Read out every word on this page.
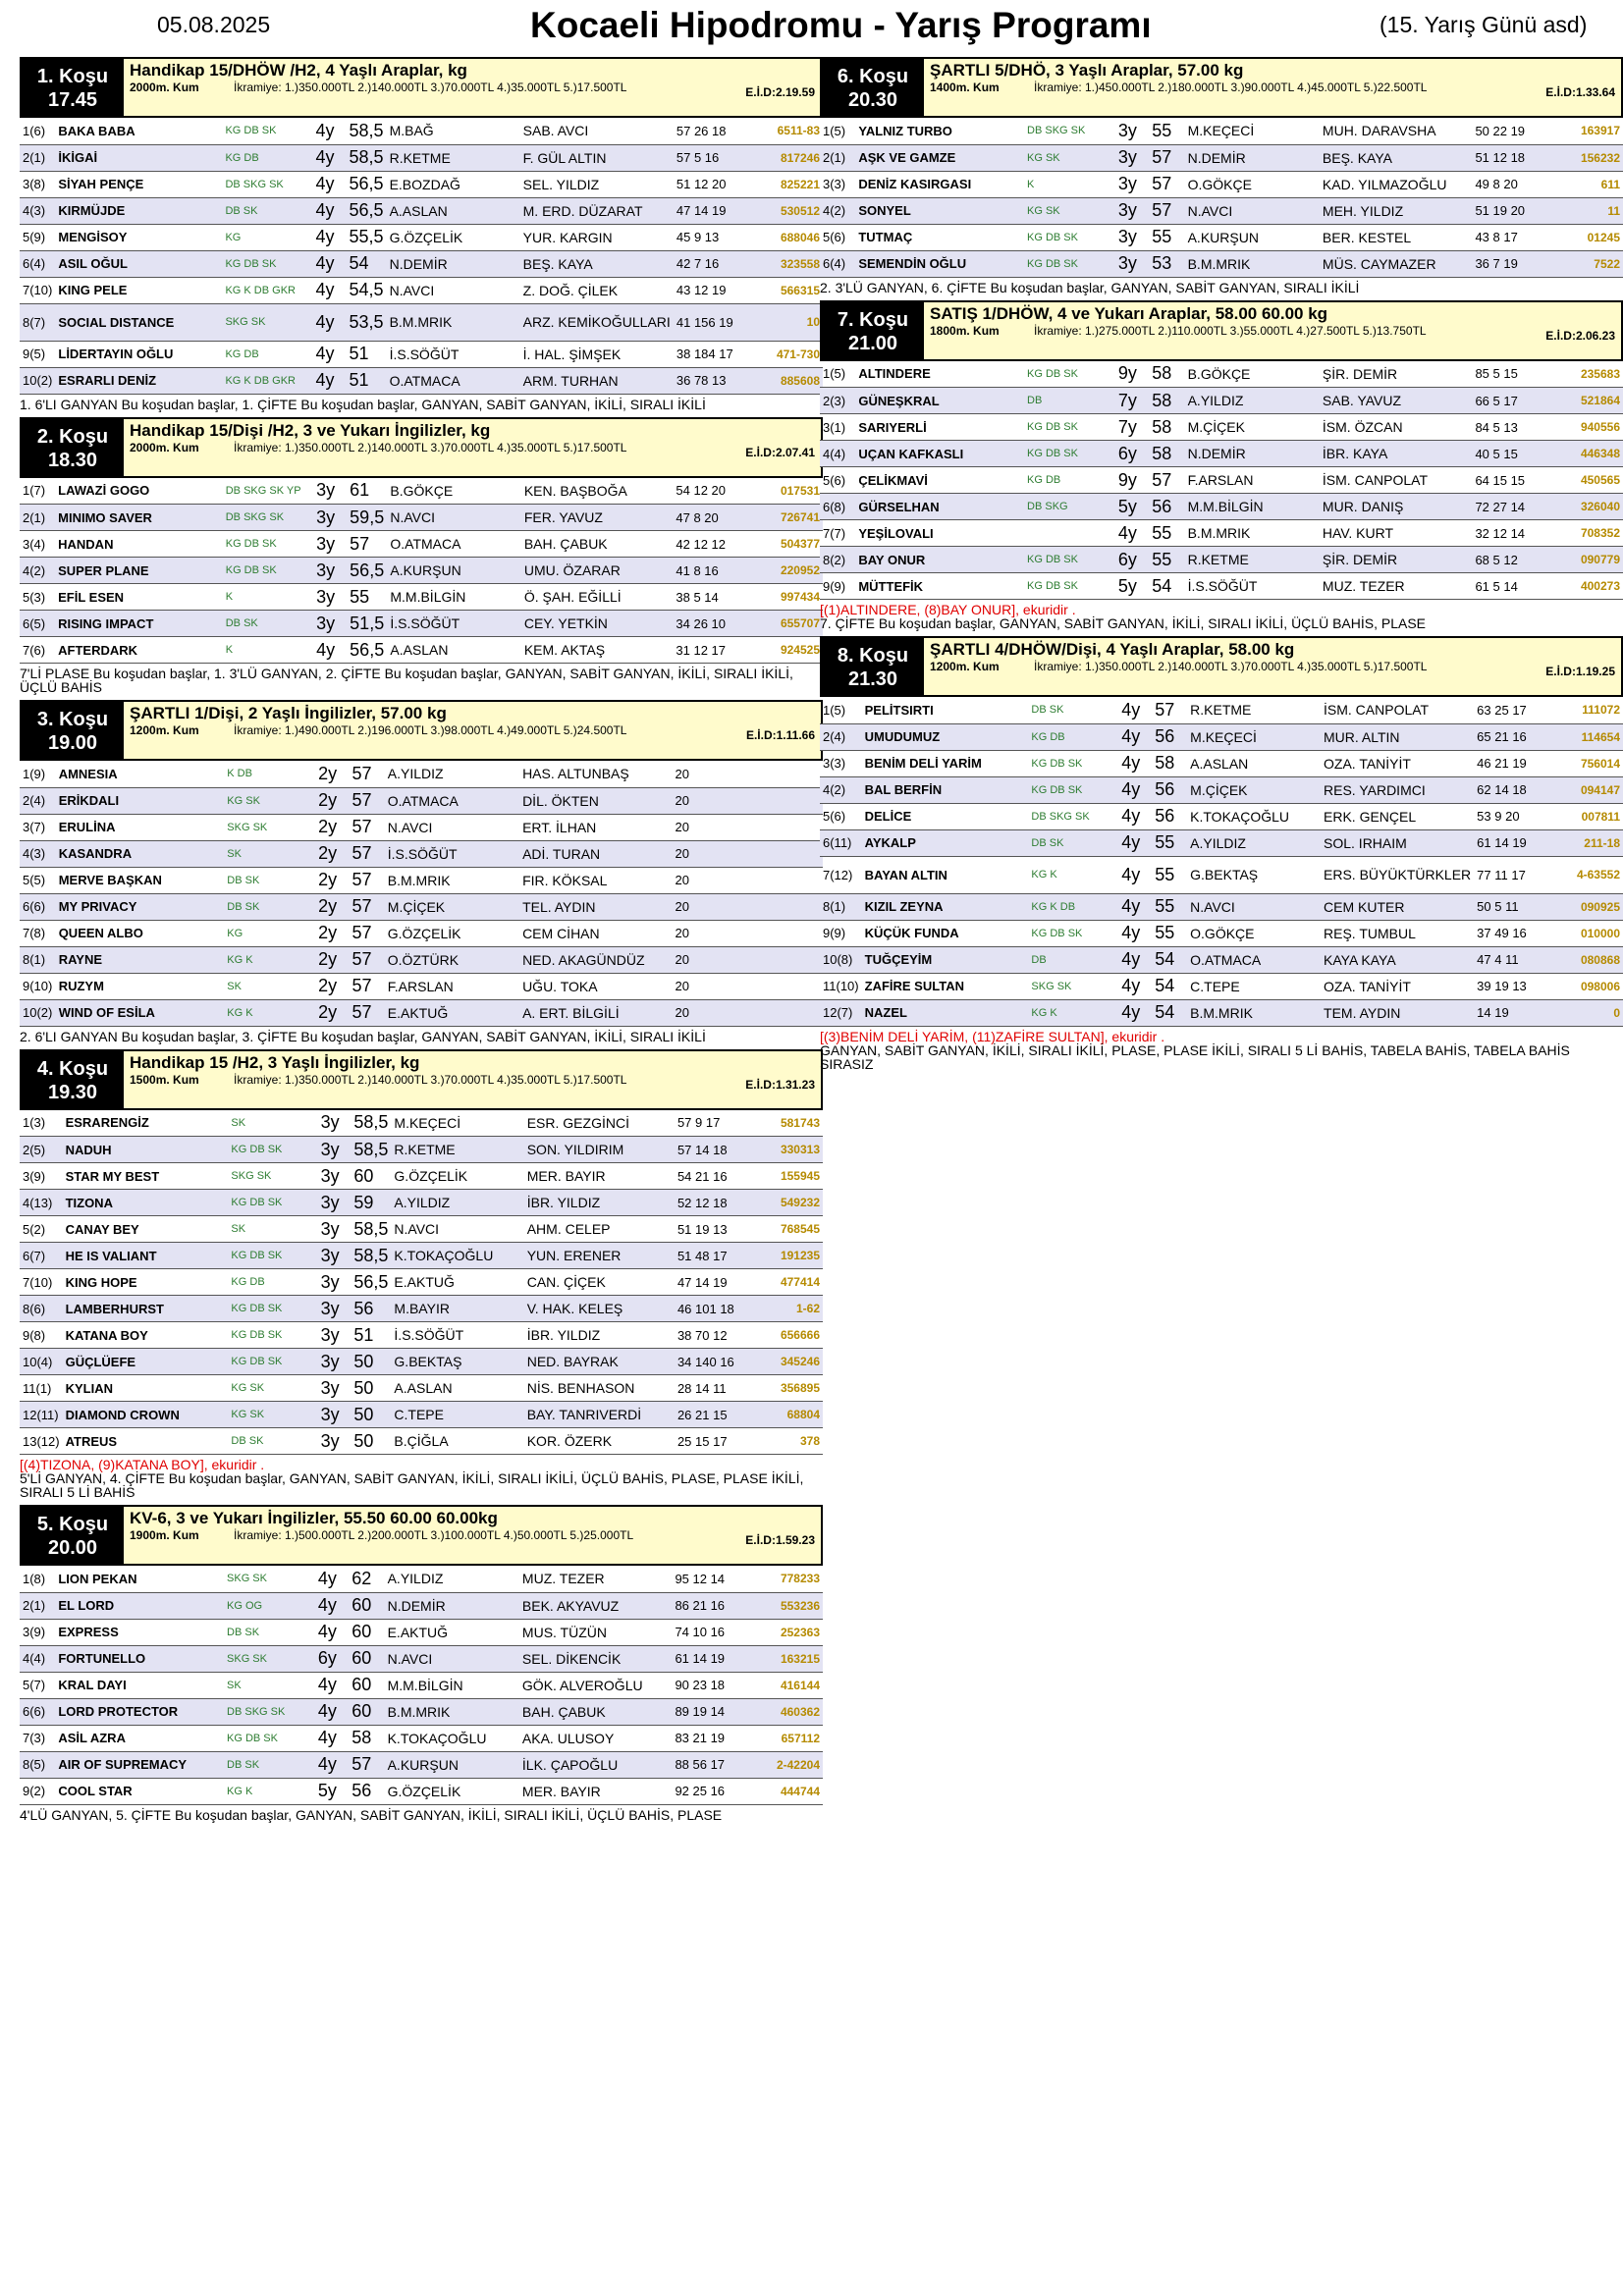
05.08.2025	Kocaeli Hipodromu - Yarış Programı	(15. Yarış Günü asd)
1. Koşu
17.45
Handikap 15/DHÖW /H2, 4 Yaşlı Araplar, kg
2000m. Kum	İkramiye: 1.)350.000TL 2.)140.000TL 3.)70.000TL 4.)35.000TL 5.)17.500TL	E.İ.D:2.19.59
1(6)	BAKA BABA	KG DB SK	4y	58,5	M.BAĞ	SAB. AVCI	57 26 18	6511-83
2(1)	İKİGAİ	KG DB	4y	58,5	R.KETME	F. GÜL ALTIN	57 5 16	817246
3(8)	SİYAH PENÇE	DB SKG SK	4y	56,5	E.BOZDAĞ	SEL. YILDIZ	51 12 20	825221
4(3)	KIRMÜJDE	DB SK	4y	56,5	A.ASLAN	M. ERD. DÜZARAT	47 14 19	530512
5(9)	MENGİSOY	KG	4y	55,5	G.ÖZÇELİK	YUR. KARGIN	45 9 13	688046
6(4)	ASIL OĞUL	KG DB SK	4y	54	N.DEMİR	BEŞ. KAYA	42 7 16	323558
7(10)	KING PELE	KG K DB GKR	4y	54,5	N.AVCI	Z. DOĞ. ÇİLEK	43 12 19	566315
8(7)	SOCIAL DISTANCE	SKG SK	4y	53,5	B.M.MRIK	ARZ. KEMİKOĞULLARI	41 156 19	10
9(5)	LİDERTAYIN OĞLU	KG DB	4y	51	İ.S.SÖĞÜT	İ. HAL. ŞİMŞEK	38 184 17	471-730
10(2)	ESRARLI DENİZ	KG K DB GKR	4y	51	O.ATMACA	ARM. TURHAN	36 78 13	885608
1. 6'LI GANYAN Bu koşudan başlar, 1. ÇİFTE Bu koşudan başlar, GANYAN, SABİT GANYAN, İKİLİ, SIRALI İKİLİ
2. Koşu
18.30
Handikap 15/Dişi /H2, 3 ve Yukarı İngilizler, kg
2000m. Kum	İkramiye: 1.)350.000TL 2.)140.000TL 3.)70.000TL 4.)35.000TL 5.)17.500TL	E.İ.D:2.07.41
1(7)	LAWAZİ GOGO	DB SKG SK YP	3y	61	B.GÖKÇE	KEN. BAŞBOĞA	54 12 20	017531
2(1)	MINIMO SAVER	DB SKG SK	3y	59,5	N.AVCI	FER. YAVUZ	47 8 20	726741
3(4)	HANDAN	KG DB SK	3y	57	O.ATMACA	BAH. ÇABUK	42 12 12	504377
4(2)	SUPER PLANE	KG DB SK	3y	56,5	A.KURŞUN	UMU. ÖZARAR	41 8 16	220952
5(3)	EFİL ESEN	K	3y	55	M.M.BİLGİN	Ö. ŞAH. EĞİLLİ	38 5 14	997434
6(5)	RISING IMPACT	DB SK	3y	51,5	İ.S.SÖĞÜT	CEY. YETKİN	34 26 10	655707
7(6)	AFTERDARK	K	4y	56,5	A.ASLAN	KEM. AKTAŞ	31 12 17	924525
7'Lİ PLASE Bu koşudan başlar, 1. 3'LÜ GANYAN, 2. ÇİFTE Bu koşudan başlar, GANYAN, SABİT GANYAN, İKİLİ, SIRALI İKİLİ, ÜÇLÜ BAHİS
3. Koşu
19.00
ŞARTLI 1/Dişi, 2 Yaşlı İngilizler, 57.00 kg
1200m. Kum	İkramiye: 1.)490.000TL 2.)196.000TL 3.)98.000TL 4.)49.000TL 5.)24.500TL	E.İ.D:1.11.66
1(9)	AMNESIA	K DB	2y	57	A.YILDIZ	HAS. ALTUNBAŞ	20	
2(4)	ERİKDALI	KG SK	2y	57	O.ATMACA	DİL. ÖKTEN	20	
3(7)	ERULİNA	SKG SK	2y	57	N.AVCI	ERT. İLHAN	20	
4(3)	KASANDRA	SK	2y	57	İ.S.SÖĞÜT	ADİ. TURAN	20	
5(5)	MERVE BAŞKAN	DB SK	2y	57	B.M.MRIK	FIR. KÖKSAL	20	
6(6)	MY PRIVACY	DB SK	2y	57	M.ÇİÇEK	TEL. AYDIN	20	
7(8)	QUEEN ALBO	KG	2y	57	G.ÖZÇELİK	CEM CİHAN	20	
8(1)	RAYNE	KG K	2y	57	O.ÖZTÜRK	NED. AKAGÜNDÜZ	20	
9(10)	RUZYM	SK	2y	57	F.ARSLAN	UĞU. TOKA	20	
10(2)	WIND OF ESİLA	KG K	2y	57	E.AKTUĞ	A. ERT. BİLGİLİ	20	
2. 6'LI GANYAN Bu koşudan başlar, 3. ÇİFTE Bu koşudan başlar, GANYAN, SABİT GANYAN, İKİLİ, SIRALI İKİLİ
4. Koşu
19.30
Handikap 15 /H2, 3 Yaşlı İngilizler, kg
1500m. Kum	İkramiye: 1.)350.000TL 2.)140.000TL 3.)70.000TL 4.)35.000TL 5.)17.500TL	E.İ.D:1.31.23
1(3)	ESRARENGİZ	SK	3y	58,5	M.KEÇECİ	ESR. GEZGİNCİ	57 9 17	581743
2(5)	NADUH	KG DB SK	3y	58,5	R.KETME	SON. YILDIRIM	57 14 18	330313
3(9)	STAR MY BEST	SKG SK	3y	60	G.ÖZÇELİK	MER. BAYIR	54 21 16	155945
4(13)	TIZONA	KG DB SK	3y	59	A.YILDIZ	İBR. YILDIZ	52 12 18	549232
5(2)	CANAY BEY	SK	3y	58,5	N.AVCI	AHM. CELEP	51 19 13	768545
6(7)	HE IS VALIANT	KG DB SK	3y	58,5	K.TOKAÇOĞLU	YUN. ERENER	51 48 17	191235
7(10)	KING HOPE	KG DB	3y	56,5	E.AKTUĞ	CAN. ÇİÇEK	47 14 19	477414
8(6)	LAMBERHURST	KG DB SK	3y	56	M.BAYIR	V. HAK. KELEŞ	46 101 18	1-62
9(8)	KATANA BOY	KG DB SK	3y	51	İ.S.SÖĞÜT	İBR. YILDIZ	38 70 12	656666
10(4)	GÜÇLÜEFE	KG DB SK	3y	50	G.BEKTAŞ	NED. BAYRAK	34 140 16	345246
11(1)	KYLIAN	KG SK	3y	50	A.ASLAN	NİS. BENHASON	28 14 11	356895
12(11)	DIAMOND CROWN	KG SK	3y	50	C.TEPE	BAY. TANRIVERDİ	26 21 15	68804
13(12)	ATREUS	DB SK	3y	50	B.ÇİĞLA	KOR. ÖZERK	25 15 17	378
[(4)TIZONA, (9)KATANA BOY], ekuridir .
5'Lİ GANYAN, 4. ÇİFTE Bu koşudan başlar, GANYAN, SABİT GANYAN, İKİLİ, SIRALI İKİLİ, ÜÇLÜ BAHİS, PLASE, PLASE İKİLİ, SIRALI 5 Lİ BAHİS
5. Koşu
20.00
KV-6, 3 ve Yukarı İngilizler, 55.50 60.00 60.00kg
1900m. Kum	İkramiye: 1.)500.000TL 2.)200.000TL 3.)100.000TL 4.)50.000TL 5.)25.000TL	E.İ.D:1.59.23
1(8)	LION PEKAN	SKG SK	4y	62	A.YILDIZ	MUZ. TEZER	95 12 14	778233
2(1)	EL LORD	KG OG	4y	60	N.DEMİR	BEK. AKYAVUZ	86 21 16	553236
3(9)	EXPRESS	DB SK	4y	60	E.AKTUĞ	MUS. TÜZÜN	74 10 16	252363
4(4)	FORTUNELLO	SKG SK	6y	60	N.AVCI	SEL. DİKENCİK	61 14 19	163215
5(7)	KRAL DAYI	SK	4y	60	M.M.BİLGİN	GÖK. ALVEROĞLU	90 23 18	416144
6(6)	LORD PROTECTOR	DB SKG SK	4y	60	B.M.MRIK	BAH. ÇABUK	89 19 14	460362
7(3)	ASİL AZRA	KG DB SK	4y	58	K.TOKAÇOĞLU	AKA. ULUSOY	83 21 19	657112
8(5)	AIR OF SUPREMACY	DB SK	4y	57	A.KURŞUN	İLK. ÇAPOĞLU	88 56 17	2-42204
9(2)	COOL STAR	KG K	5y	56	G.ÖZÇELİK	MER. BAYIR	92 25 16	444744
4'LÜ GANYAN, 5. ÇİFTE Bu koşudan başlar, GANYAN, SABİT GANYAN, İKİLİ, SIRALI İKİLİ, ÜÇLÜ BAHİS, PLASE
6. Koşu
20.30
ŞARTLI 5/DHÖ, 3 Yaşlı Araplar, 57.00 kg
1400m. Kum	İkramiye: 1.)450.000TL 2.)180.000TL 3.)90.000TL 4.)45.000TL 5.)22.500TL	E.İ.D:1.33.64
1(5)	YALNIZ TURBO	DB SKG SK	3y	55	M.KEÇECİ	MUH. DARAVSHA	50 22 19	163917
2(1)	AŞK VE GAMZE	KG SK	3y	57	N.DEMİR	BEŞ. KAYA	51 12 18	156232
3(3)	DENİZ KASIRGASI	K	3y	57	O.GÖKÇE	KAD. YILMAZOĞLU	49 8 20	611
4(2)	SONYEL	KG SK	3y	57	N.AVCI	MEH. YILDIZ	51 19 20	11
5(6)	TUTMAÇ	KG DB SK	3y	55	A.KURŞUN	BER. KESTEL	43 8 17	01245
6(4)	SEMENDİN OĞLU	KG DB SK	3y	53	B.M.MRIK	MÜS. CAYMAZER	36 7 19	7522
2. 3'LÜ GANYAN, 6. ÇİFTE Bu koşudan başlar, GANYAN, SABİT GANYAN, SIRALI İKİLİ
7. Koşu
21.00
SATIŞ 1/DHÖW, 4 ve Yukarı Araplar, 58.00 60.00 kg
1800m. Kum	İkramiye: 1.)275.000TL 2.)110.000TL 3.)55.000TL 4.)27.500TL 5.)13.750TL	E.İ.D:2.06.23
1(5)	ALTINDERE	KG DB SK	9y	58	B.GÖKÇE	ŞİR. DEMİR	85 5 15	235683
2(3)	GÜNEŞKRAL	DB	7y	58	A.YILDIZ	SAB. YAVUZ	66 5 17	521864
3(1)	SARIYERLİ	KG DB SK	7y	58	M.ÇİÇEK	İSM. ÖZCAN	84 5 13	940556
4(4)	UÇAN KAFKASLI	KG DB SK	6y	58	N.DEMİR	İBR. KAYA	40 5 15	446348
5(6)	ÇELİKMAVİ	KG DB	9y	57	F.ARSLAN	İSM. CANPOLAT	64 15 15	450565
6(8)	GÜRSELHAN	DB SKG	5y	56	M.M.BİLGİN	MUR. DANIŞ	72 27 14	326040
7(7)	YEŞİLOVALI		4y	55	B.M.MRIK	HAV. KURT	32 12 14	708352
8(2)	BAY ONUR	KG DB SK	6y	55	R.KETME	ŞİR. DEMİR	68 5 12	090779
9(9)	MÜTTEFİK	KG DB SK	5y	54	İ.S.SÖĞÜT	MUZ. TEZER	61 5 14	400273
[(1)ALTINDERE, (8)BAY ONUR], ekuridir .
7. ÇİFTE Bu koşudan başlar, GANYAN, SABİT GANYAN, İKİLİ, SIRALI İKİLİ, ÜÇLÜ BAHİS, PLASE
8. Koşu
21.30
ŞARTLI 4/DHÖW/Dişi, 4 Yaşlı Araplar, 58.00 kg
1200m. Kum	İkramiye: 1.)350.000TL 2.)140.000TL 3.)70.000TL 4.)35.000TL 5.)17.500TL	E.İ.D:1.19.25
1(5)	PELİTSIRTI	DB SK	4y	57	R.KETME	İSM. CANPOLAT	63 25 17	111072
2(4)	UMUDUMUZ	KG DB	4y	56	M.KEÇECİ	MUR. ALTIN	65 21 16	114654
3(3)	BENİM DELİ YARİM	KG DB SK	4y	58	A.ASLAN	OZA. TANİYİT	46 21 19	756014
4(2)	BAL BERFİN	KG DB SK	4y	56	M.ÇİÇEK	RES. YARDIMCI	62 14 18	094147
5(6)	DELİCE	DB SKG SK	4y	56	K.TOKAÇOĞLU	ERK. GENÇEL	53 9 20	007811
6(11)	AYKALP	DB SK	4y	55	A.YILDIZ	SOL. IRHAIM	61 14 19	211-18
7(12)	BAYAN ALTIN	KG K	4y	55	G.BEKTAŞ	ERS. BÜYÜKTÜRKLER	77 11 17	4-63552
8(1)	KIZIL ZEYNA	KG K DB	4y	55	N.AVCI	CEM KUTER	50 5 11	090925
9(9)	KÜÇÜK FUNDA	KG DB SK	4y	55	O.GÖKÇE	REŞ. TUMBUL	37 49 16	010000
10(8)	TUĞÇEYİM	DB	4y	54	O.ATMACA	KAYA KAYA	47 4 11	080868
11(10)	ZAFİRE SULTAN	SKG SK	4y	54	C.TEPE	OZA. TANİYİT	39 19 13	098006
12(7)	NAZEL	KG K	4y	54	B.M.MRIK	TEM. AYDIN	14 19	0
[(3)BENİM DELİ YARİM, (11)ZAFİRE SULTAN], ekuridir .
GANYAN, SABİT GANYAN, İKİLİ, SIRALI İKİLİ, PLASE, PLASE İKİLİ, SIRALI 5 Lİ BAHİS, TABELA BAHİS, TABELA BAHİS SIRASIZ
